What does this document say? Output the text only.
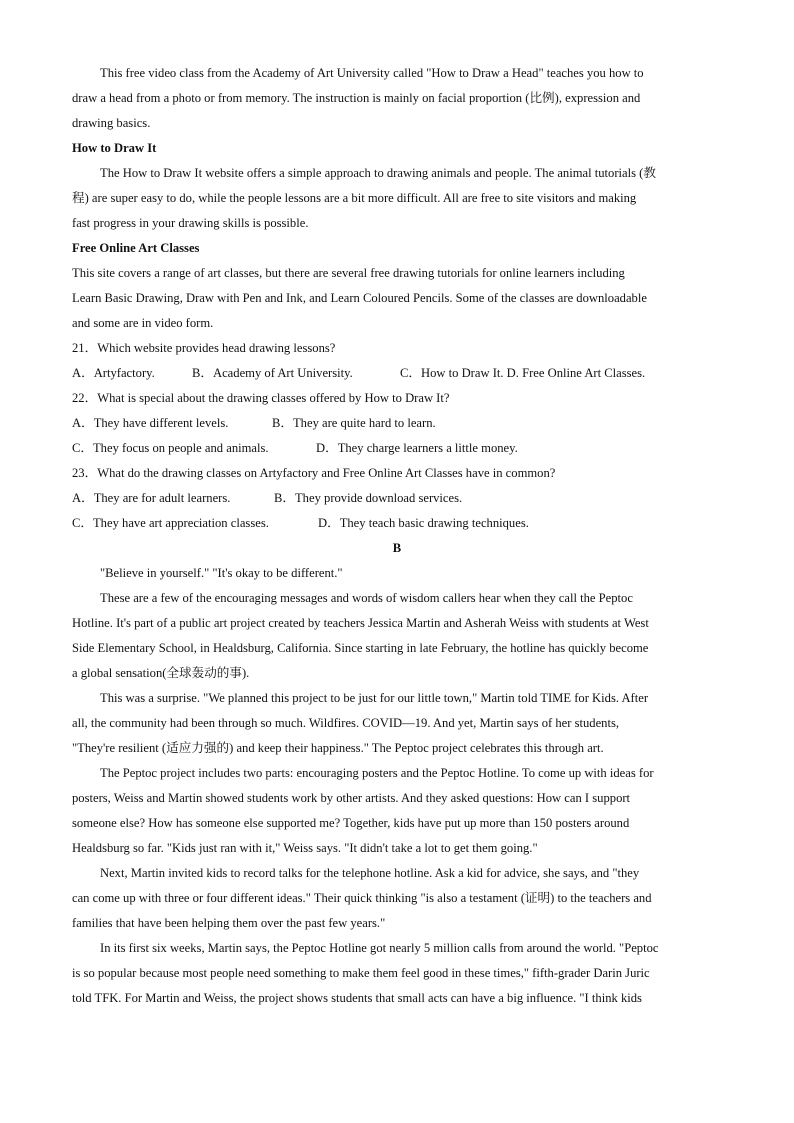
This free video class from the Academy of Art University called "How to Draw a Head" teaches you how to
draw a head from a photo or from memory. The instruction is mainly on facial proportion (比例), expression and
drawing basics.
How to Draw It
The How to Draw It website offers a simple approach to drawing animals and people. The animal tutorials (教
程) are super easy to do, while the people lessons are a bit more difficult. All are free to site visitors and making
fast progress in your drawing skills is possible.
Free Online Art Classes
This site covers a range of art classes, but there are several free drawing tutorials for online learners including
Learn Basic Drawing, Draw with Pen and Ink, and Learn Coloured Pencils. Some of the classes are downloadable
and some are in video form.
21．Which website provides head drawing lessons?
A．Artyfactory.	B．Academy of Art University.	C．How to Draw It. D. Free Online Art Classes.
22．What is special about the drawing classes offered by How to Draw It?
A．They have different levels.	B．They are quite hard to learn.
C．They focus on people and animals.	D．They charge learners a little money.
23．What do the drawing classes on Artyfactory and Free Online Art Classes have in common?
A．They are for adult learners.	B．They provide download services.
C．They have art appreciation classes.	D．They teach basic drawing techniques.
B
"Believe in yourself." "It's okay to be different."
These are a few of the encouraging messages and words of wisdom callers hear when they call the Peptoc
Hotline. It's part of a public art project created by teachers Jessica Martin and Asherah Weiss with students at West
Side Elementary School, in Healdsburg, California. Since starting in late February, the hotline has quickly become
a global sensation(全球轰动的事).
This was a surprise. "We planned this project to be just for our little town," Martin told TIME for Kids. After
all, the community had been through so much. Wildfires. COVID—19. And yet, Martin says of her students,
"They're resilient (适应力强的) and keep their happiness." The Peptoc project celebrates this through art.
The Peptoc project includes two parts: encouraging posters and the Peptoc Hotline. To come up with ideas for
posters, Weiss and Martin showed students work by other artists. And they asked questions: How can I support
someone else? How has someone else supported me? Together, kids have put up more than 150 posters around
Healdsburg so far. "Kids just ran with it," Weiss says. "It didn't take a lot to get them going."
Next, Martin invited kids to record talks for the telephone hotline. Ask a kid for advice, she says, and "they
can come up with three or four different ideas." Their quick thinking "is also a testament (证明) to the teachers and
families that have been helping them over the past few years."
In its first six weeks, Martin says, the Peptoc Hotline got nearly 5 million calls from around the world. "Peptoc
is so popular because most people need something to make them feel good in these times," fifth-grader Darin Juric
told TFK. For Martin and Weiss, the project shows students that small acts can have a big influence. "I think kids
